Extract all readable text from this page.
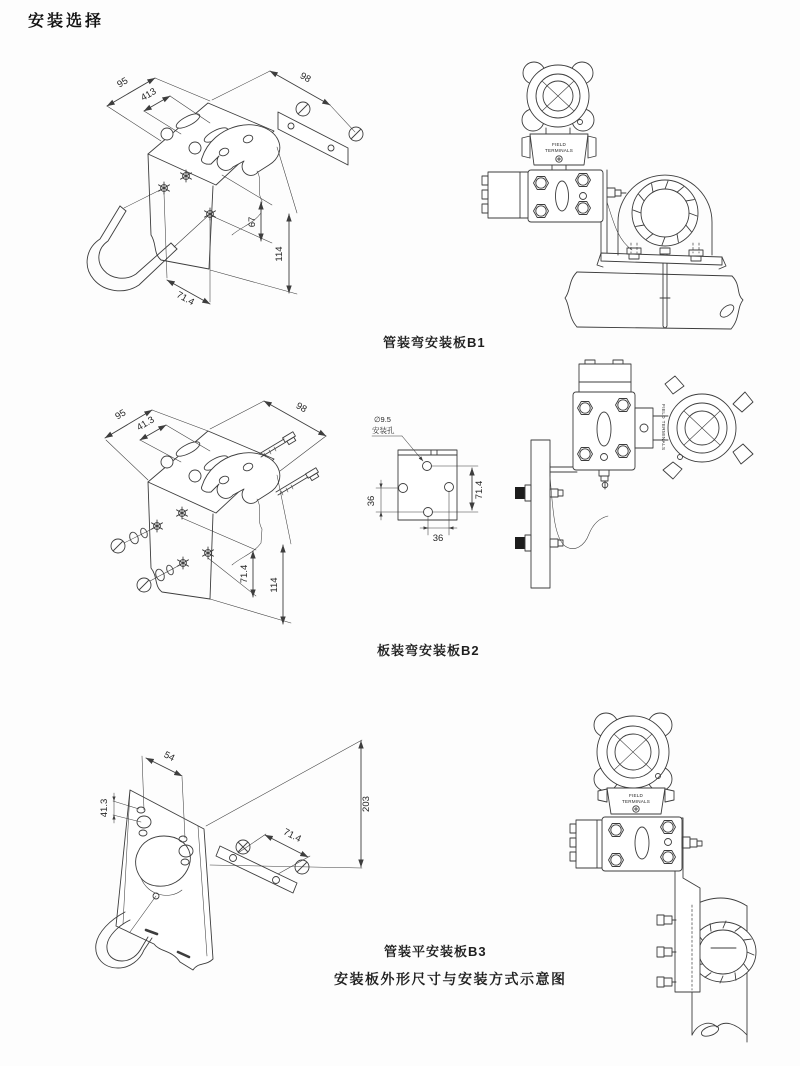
安装选择
95
413
98
67
114
71.4
FIELD
TERMINALS
管装弯安装板B1
95 41.3
98
71.4
114
∅9.5
安装孔
36
71.4
36
FIELD TERMINALS
板装弯安装板B2
54
41.3	203
71.4
FIELD
TERMINALS
管装平安装板B3
安装板外形尺寸与安装方式示意图
